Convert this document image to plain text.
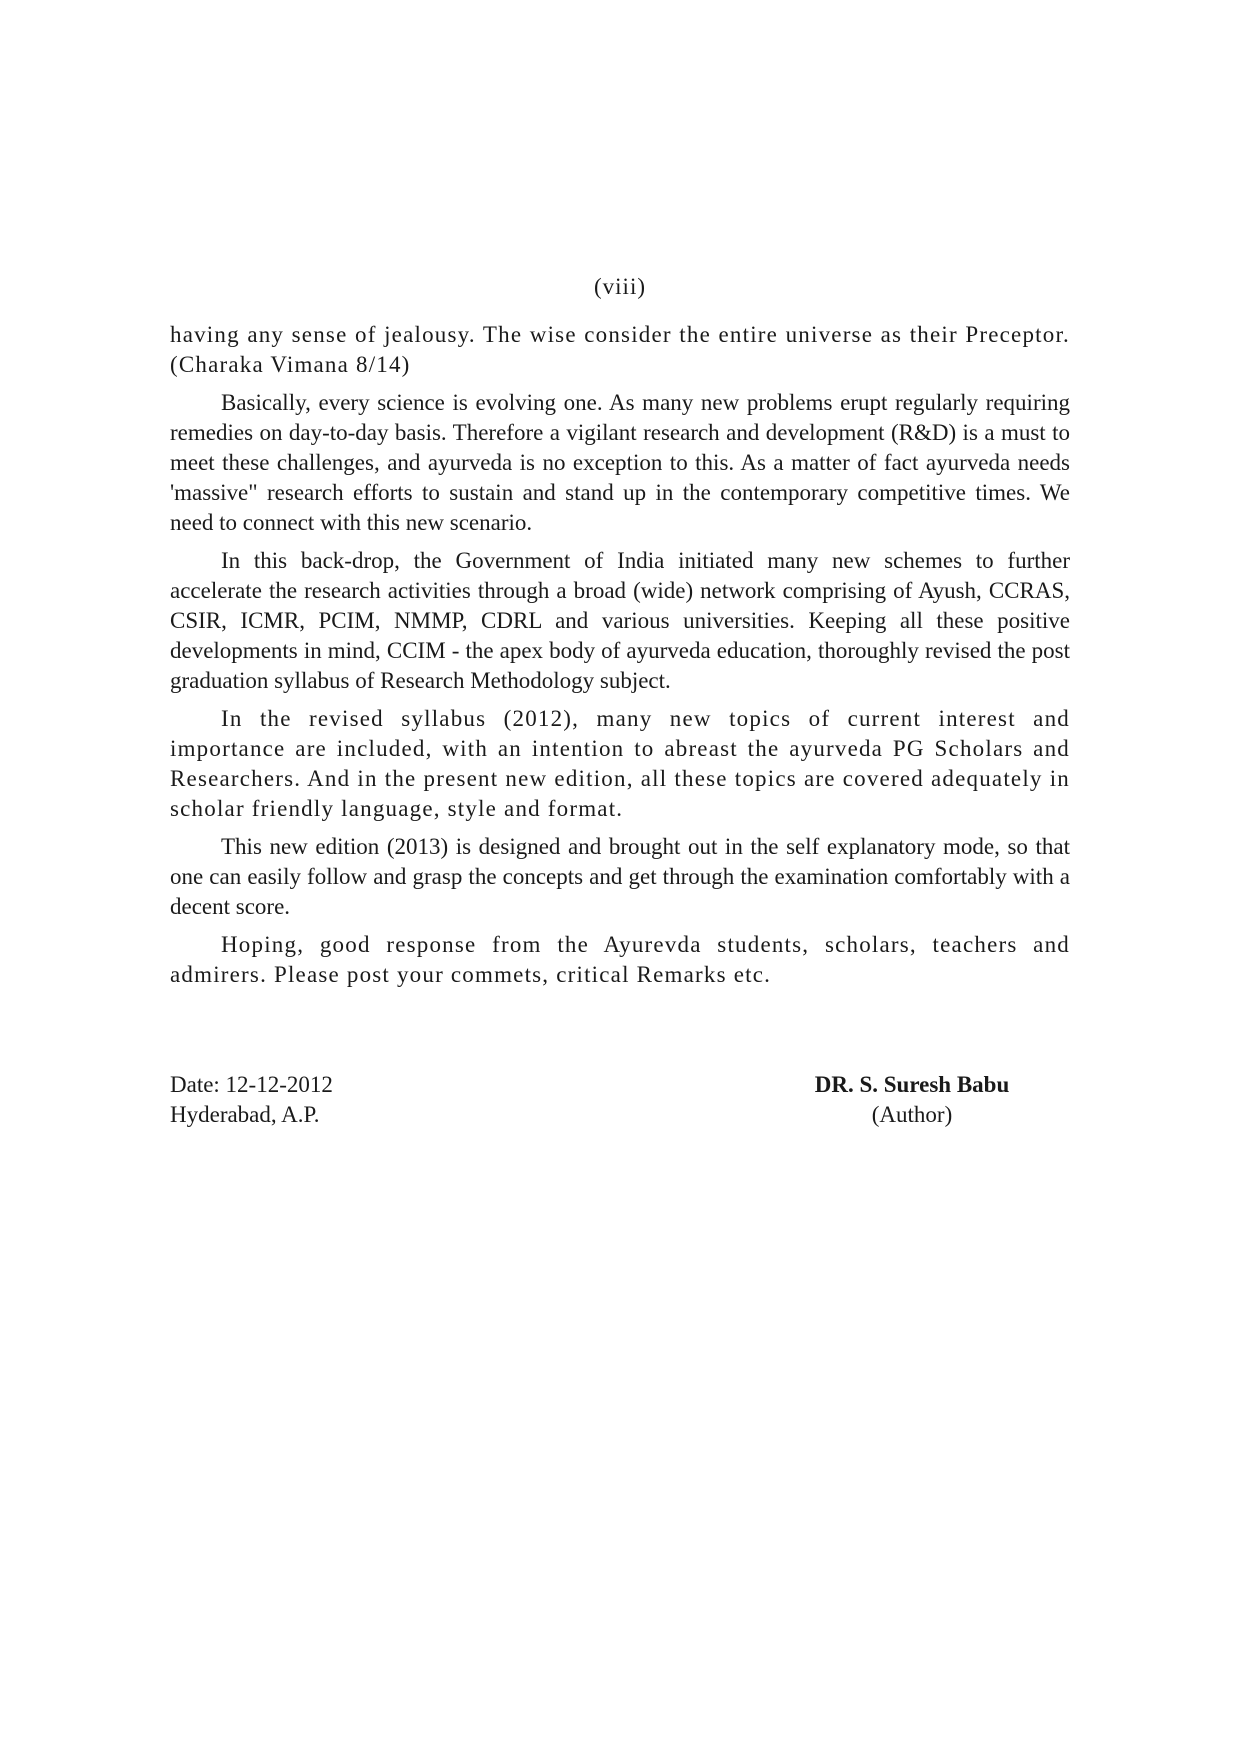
(viii)

having any sense of jealousy. The wise consider the entire universe as their Preceptor. (Charaka Vimana 8/14)

Basically, every science is evolving one. As many new problems erupt regularly requiring remedies on day-to-day basis. Therefore a vigilant research and development (R&D) is a must to meet these challenges, and ayurveda is no exception to this. As a matter of fact ayurveda needs 'massive" research efforts to sustain and stand up in the contemporary competitive times. We need to connect with this new scenario.

In this back-drop, the Government of India initiated many new schemes to further accelerate the research activities through a broad (wide) network comprising of Ayush, CCRAS, CSIR, ICMR, PCIM, NMMP, CDRL and various universities. Keeping all these positive developments in mind, CCIM - the apex body of ayurveda education, thoroughly revised the post graduation syllabus of Research Methodology subject.

In the revised syllabus (2012), many new topics of current interest and importance are included, with an intention to abreast the ayurveda PG Scholars and Researchers. And in the present new edition, all these topics are covered adequately in scholar friendly language, style and format.

This new edition (2013) is designed and brought out in the self explanatory mode, so that one can easily follow and grasp the concepts and get through the examination comfortably with a decent score.

Hoping, good response from the Ayurevda students, scholars, teachers and admirers. Please post your commets, critical Remarks etc.

Date: 12-12-2012
Hyderabad, A.P.
DR. S. Suresh Babu
(Author)
